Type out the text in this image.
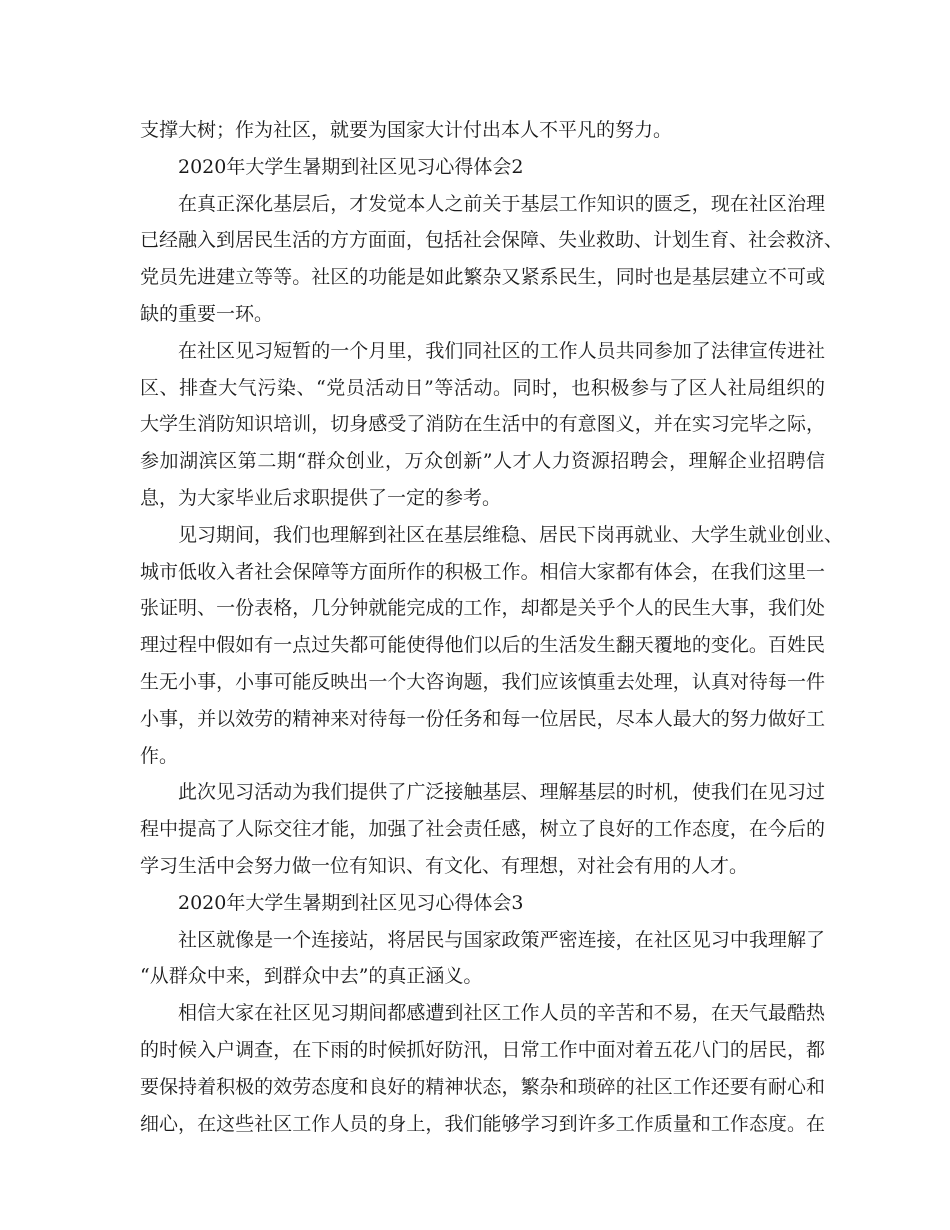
支撑大树；作为社区，就要为国家大计付出本人不平凡的努力。
2020年大学生暑期到社区见习心得体会2
在真正深化基层后，才发觉本人之前关于基层工作知识的匮乏，现在社区治理
已经融入到居民生活的方方面面，包括社会保障、失业救助、计划生育、社会救济、
党员先进建立等等。社区的功能是如此繁杂又紧系民生，同时也是基层建立不可或
缺的重要一环。
在社区见习短暂的一个月里，我们同社区的工作人员共同参加了法律宣传进社
区、排查大气污染、“党员活动日”等活动。同时，也积极参与了区人社局组织的
大学生消防知识培训，切身感受了消防在生活中的有意图义，并在实习完毕之际，
参加湖滨区第二期“群众创业，万众创新”人才人力资源招聘会，理解企业招聘信
息，为大家毕业后求职提供了一定的参考。
见习期间，我们也理解到社区在基层维稳、居民下岗再就业、大学生就业创业、
城市低收入者社会保障等方面所作的积极工作。相信大家都有体会，在我们这里一
张证明、一份表格，几分钟就能完成的工作，却都是关乎个人的民生大事，我们处
理过程中假如有一点过失都可能使得他们以后的生活发生翻天覆地的变化。百姓民
生无小事，小事可能反映出一个大咨询题，我们应该慎重去处理，认真对待每一件
小事，并以效劳的精神来对待每一份任务和每一位居民，尽本人最大的努力做好工
作。
此次见习活动为我们提供了广泛接触基层、理解基层的时机，使我们在见习过
程中提高了人际交往才能，加强了社会责任感，树立了良好的工作态度，在今后的
学习生活中会努力做一位有知识、有文化、有理想，对社会有用的人才。
2020年大学生暑期到社区见习心得体会3
社区就像是一个连接站，将居民与国家政策严密连接，在社区见习中我理解了
“从群众中来，到群众中去”的真正涵义。
相信大家在社区见习期间都感遭到社区工作人员的辛苦和不易，在天气最酷热
的时候入户调查，在下雨的时候抓好防汛，日常工作中面对着五花八门的居民，都
要保持着积极的效劳态度和良好的精神状态，繁杂和琐碎的社区工作还要有耐心和
细心，在这些社区工作人员的身上，我们能够学习到许多工作质量和工作态度。在
